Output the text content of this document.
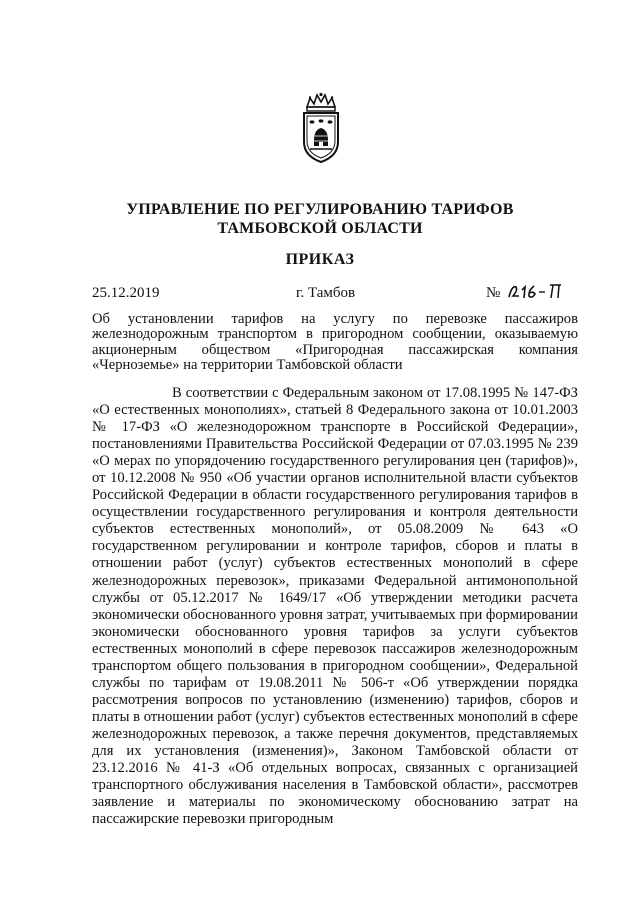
УПРАВЛЕНИЕ ПО РЕГУЛИРОВАНИЮ ТАРИФОВ
ТАМБОВСКОЙ ОБЛАСТИ
ПРИКАЗ
25.12.2019	г. Тамбов	№
Об установлении тарифов на услугу по перевозке пассажиров железнодорожным транспортом в пригородном сообщении, оказываемую акционерным обществом «Пригородная пассажирская компания «Черноземье» на территории Тамбовской области
В соответствии с Федеральным законом от 17.08.1995 № 147-ФЗ «О естественных монополиях», статьей 8 Федерального закона от 10.01.2003 № 17-ФЗ «О железнодорожном транспорте в Российской Федерации», постановлениями Правительства Российской Федерации от 07.03.1995 № 239 «О мерах по упорядочению государственного регулирования цен (тарифов)», от 10.12.2008 № 950 «Об участии органов исполнительной власти субъектов Российской Федерации в области государственного регулирования тарифов в осуществлении государственного регулирования и контроля деятельности субъектов естественных монополий», от 05.08.2009 № 643 «О государственном регулировании и контроле тарифов, сборов и платы в отношении работ (услуг) субъектов естественных монополий в сфере железнодорожных перевозок», приказами Федеральной антимонопольной службы от 05.12.2017 № 1649/17 «Об утверждении методики расчета экономически обоснованного уровня затрат, учитываемых при формировании экономически обоснованного уровня тарифов за услуги субъектов естественных монополий в сфере перевозок пассажиров железнодорожным транспортом общего пользования в пригородном сообщении», Федеральной службы по тарифам от 19.08.2011 № 506-т «Об утверждении порядка рассмотрения вопросов по установлению (изменению) тарифов, сборов и платы в отношении работ (услуг) субъектов естественных монополий в сфере железнодорожных перевозок, а также перечня документов, представляемых для их установления (изменения)», Законом Тамбовской области от 23.12.2016 № 41-З «Об отдельных вопросах, связанных с организацией транспортного обслуживания населения в Тамбовской области», рассмотрев заявление и материалы по экономическому обоснованию затрат на пассажирские перевозки пригородным
